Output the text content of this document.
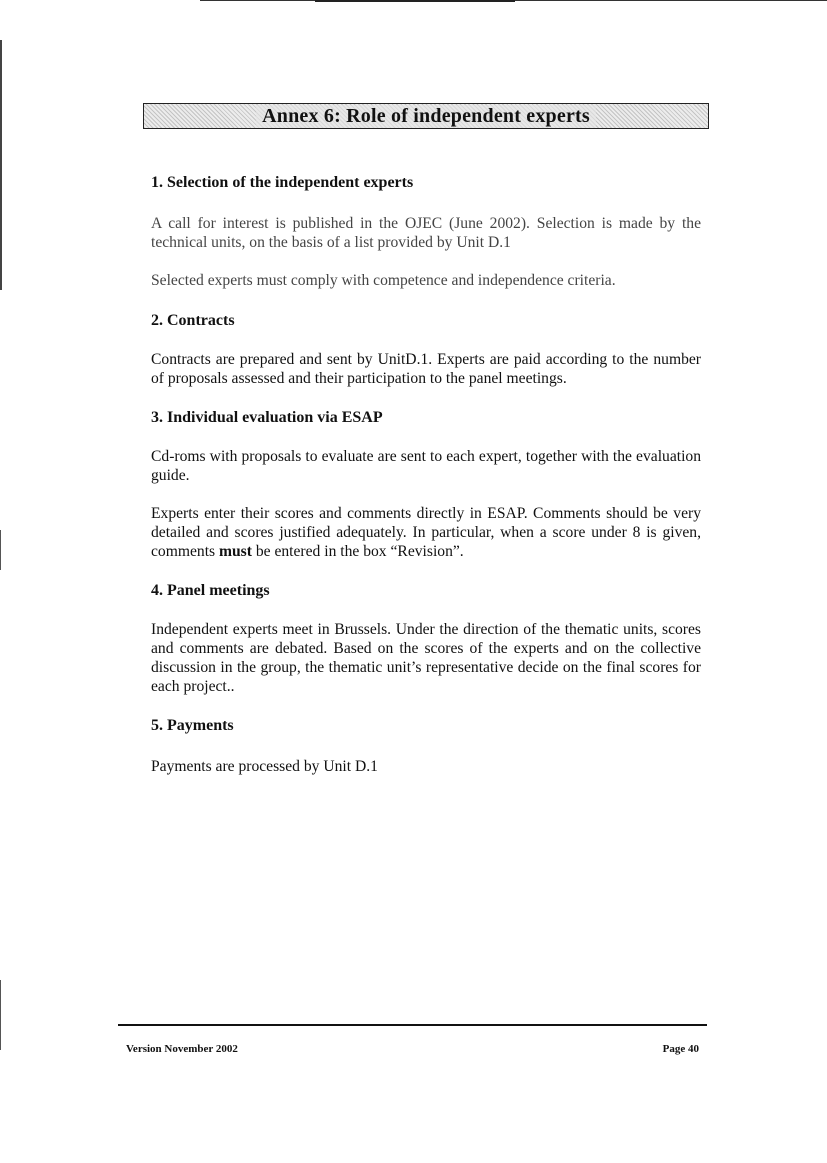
Annex 6: Role of independent experts
1. Selection of the independent experts

A call for interest is published in the OJEC (June 2002). Selection is made by the technical units, on the basis of a list provided by Unit D.1

Selected experts must comply with competence and independence criteria.

2. Contracts

Contracts are prepared and sent by UnitD.1. Experts are paid according to the number of proposals assessed and their participation to the panel meetings.

3. Individual evaluation via ESAP

Cd-roms with proposals to evaluate are sent to each expert, together with the evaluation guide.

Experts enter their scores and comments directly in ESAP. Comments should be very detailed and scores justified adequately. In particular, when a score under 8 is given, comments must be entered in the box “Revision”.

4. Panel meetings

Independent experts meet in Brussels. Under the direction of the thematic units, scores and comments are debated. Based on the scores of the experts and on the collective discussion in the group, the thematic unit’s representative decide on the final scores for each project..

5. Payments

Payments are processed by Unit D.1

Version November 2002	Page 40
